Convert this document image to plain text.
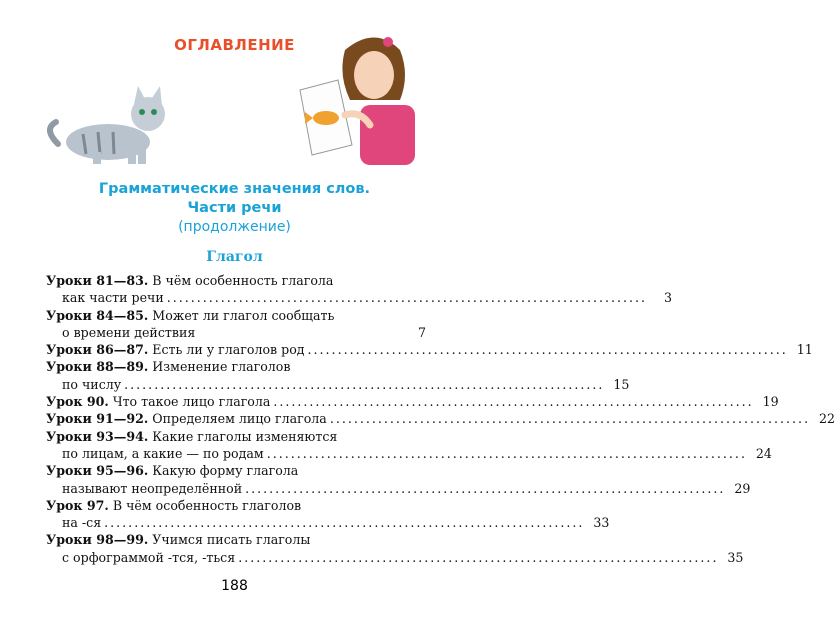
ОГЛАВЛЕНИЕ
Грамматические значения слов.
Части речи
(продолжение)
Глагол
Уроки 81—83. В чём особенность глагола
как части речи ................................................................................	3
Уроки 84—85. Может ли глагол сообщать
о времени действия	7
Уроки 86—87. Есть ли у глаголов род ................................................................................ 11
Уроки 88—89. Изменение глаголов
по числу ................................................................................ 15
Урок 90. Что такое лицо глагола ................................................................................ 19
Уроки 91—92. Определяем лицо глагола ................................................................................ 22
Уроки 93—94. Какие глаголы изменяются
по лицам, а какие — по родам ................................................................................ 24
Уроки 95—96. Какую форму глагола
называют неопределённой ................................................................................ 29
Урок 97. В чём особенность глаголов
на -ся ................................................................................ 33
Уроки 98—99. Учимся писать глаголы
с орфограммой -тся, -ться ................................................................................ 35
188
